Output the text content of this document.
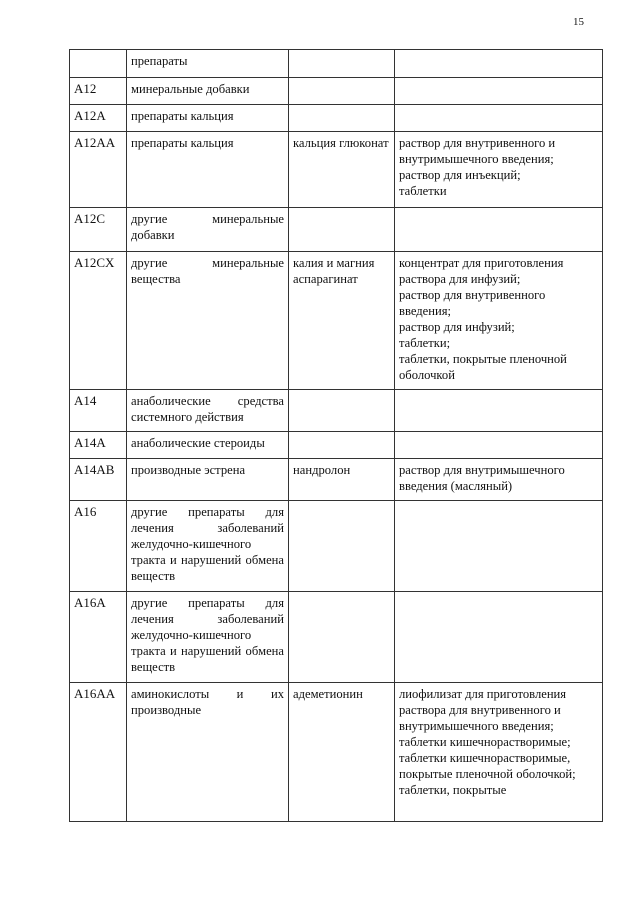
15
	препараты		
A12	минеральные добавки		
A12A	препараты кальция		
A12AA	препараты кальция	кальция глюконат	раствор для внутривенного и внутримышечного введения;
раствор для инъекций;
таблетки

A12C	другие минеральные добавки		
A12CX	другие минеральные вещества	калия и магния аспарагинат	концентрат для приготовления раствора для инфузий;
раствор для внутривенного введения;
раствор для инфузий;
таблетки;
таблетки, покрытые пленочной оболочкой

A14	анаболические средства системного действия		
A14A	анаболические стероиды		
A14AB	производные эстрена	нандролон	раствор для внутримышечного введения (масляный)

A16	другие препараты для лечения заболеваний желудочно-кишечного тракта и нарушений обмена веществ		
A16A	другие препараты для лечения заболеваний желудочно-кишечного тракта и нарушений обмена веществ		
A16AA	аминокислоты и их производные	адеметионин	лиофилизат для приготовления раствора для внутривенного и внутримышечного введения;
таблетки кишечнорастворимые;
таблетки кишечнорастворимые, покрытые пленочной оболочкой;
таблетки, покрытые
